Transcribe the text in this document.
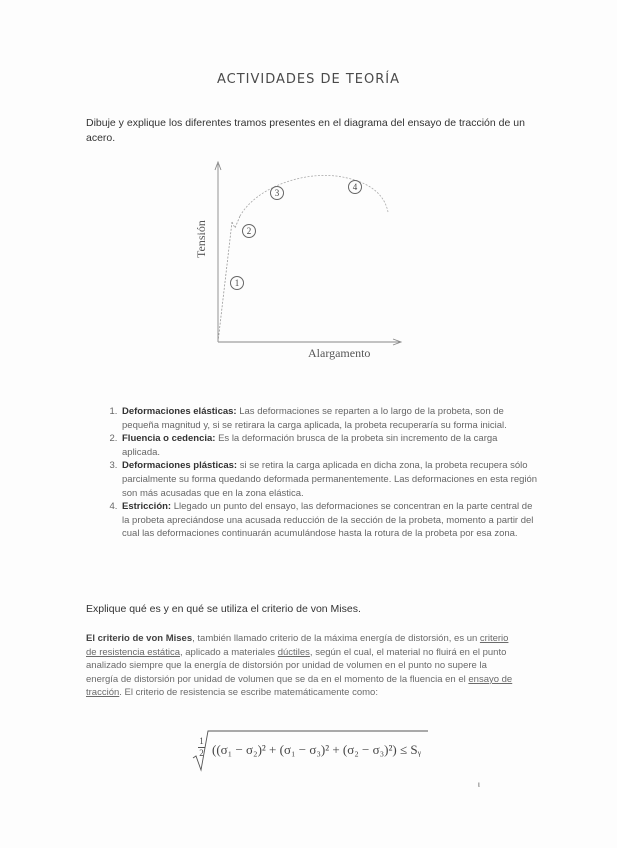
ACTIVIDADES DE TEORÍA
Dibuje y explique los diferentes tramos presentes en el diagrama del ensayo de tracción de un acero.
Tensión
Alargamento
1
2
3
4
1. Deformaciones elásticas: Las deformaciones se reparten a lo largo de la probeta, son de pequeña magnitud y, si se retirara la carga aplicada, la probeta recuperaría su forma inicial.
2. Fluencia o cedencia: Es la deformación brusca de la probeta sin incremento de la carga aplicada.
3. Deformaciones plásticas: si se retira la carga aplicada en dicha zona, la probeta recupera sólo parcialmente su forma quedando deformada permanentemente. Las deformaciones en esta región son más acusadas que en la zona elástica.
4. Estricción: Llegado un punto del ensayo, las deformaciones se concentran en la parte central de la probeta apreciándose una acusada reducción de la sección de la probeta, momento a partir del cual las deformaciones continuarán acumulándose hasta la rotura de la probeta por esa zona.
Explique qué es y en qué se utiliza el criterio de von Mises.
El criterio de von Mises, también llamado criterio de la máxima energía de distorsión, es un criterio de resistencia estática, aplicado a materiales dúctiles, según el cual, el material no fluirá en el punto analizado siempre que la energía de distorsión por unidad de volumen en el punto no supere la energía de distorsión por unidad de volumen que se da en el momento de la fluencia en el ensayo de tracción. El criterio de resistencia se escribe matemáticamente como:
1
2 ((σ₁ − σ₂)² + (σ₁ − σ₃)² + (σ₂ − σ₃)²) ≤ Sᵧ
ι
